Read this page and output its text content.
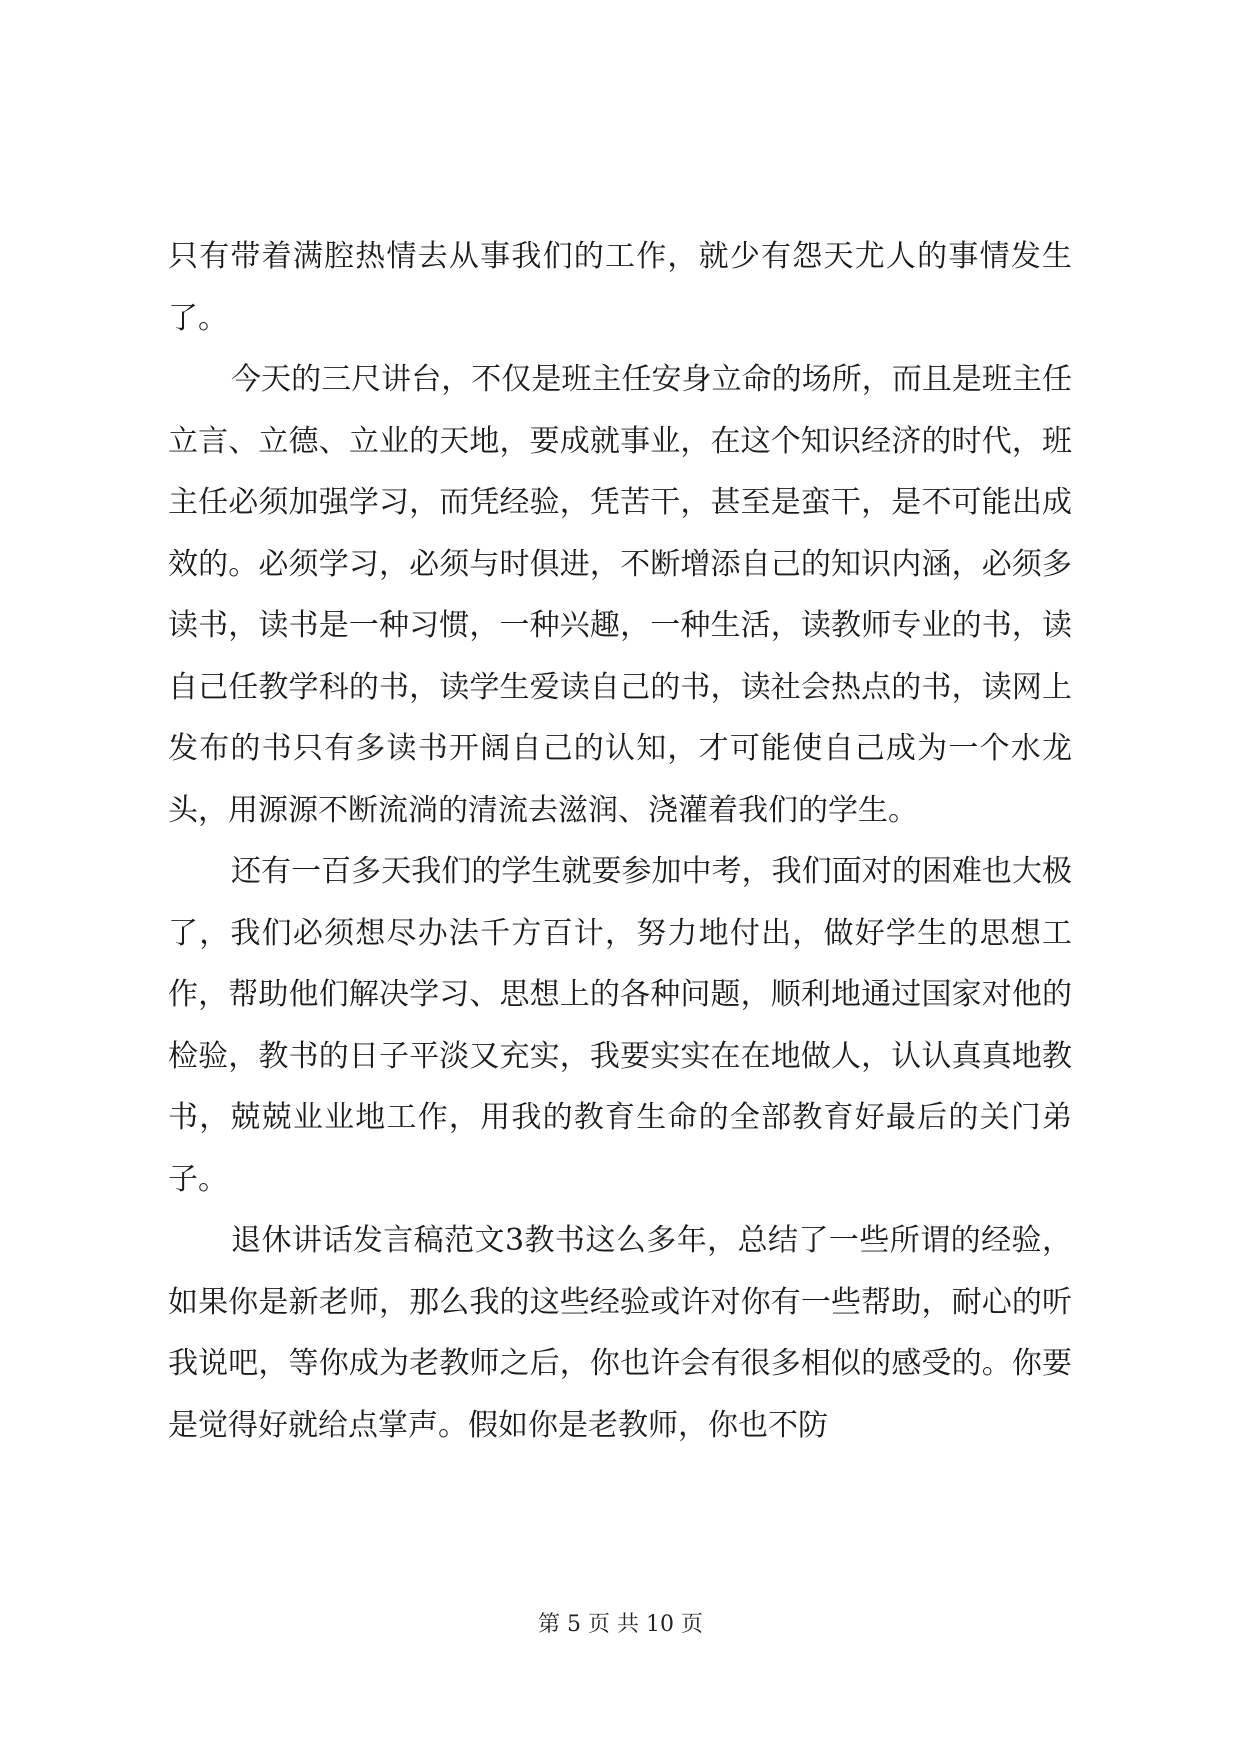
只有带着满腔热情去从事我们的工作，就少有怨天尤人的事情发生了。

今天的三尺讲台，不仅是班主任安身立命的场所，而且是班主任立言、立德、立业的天地，要成就事业，在这个知识经济的时代，班主任必须加强学习，而凭经验，凭苦干，甚至是蛮干，是不可能出成效的。必须学习，必须与时俱进，不断增添自己的知识内涵，必须多读书，读书是一种习惯，一种兴趣，一种生活，读教师专业的书，读自己任教学科的书，读学生爱读自己的书，读社会热点的书，读网上发布的书只有多读书开阔自己的认知，才可能使自己成为一个水龙头，用源源不断流淌的清流去滋润、浇灌着我们的学生。

还有一百多天我们的学生就要参加中考，我们面对的困难也大极了，我们必须想尽办法千方百计，努力地付出，做好学生的思想工作，帮助他们解决学习、思想上的各种问题，顺利地通过国家对他的检验，教书的日子平淡又充实，我要实实在在地做人，认认真真地教书，兢兢业业地工作，用我的教育生命的全部教育好最后的关门弟子。

退休讲话发言稿范文3教书这么多年，总结了一些所谓的经验，如果你是新老师，那么我的这些经验或许对你有一些帮助，耐心的听我说吧，等你成为老教师之后，你也许会有很多相似的感受的。你要是觉得好就给点掌声。假如你是老教师，你也不防

第 5 页 共 10 页
